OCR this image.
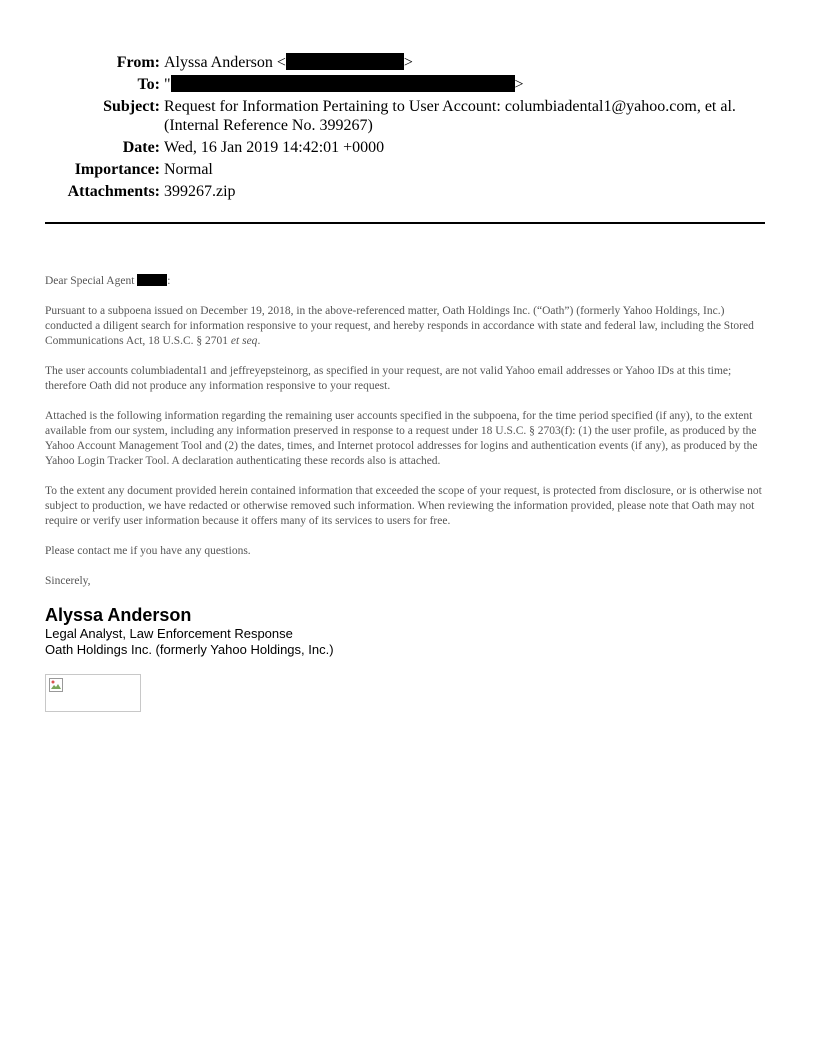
From: Alyssa Anderson <	>
To: "	>
Subject: Request for Information Pertaining to User Account: columbiadental1@yahoo.com, et al.
(Internal Reference No. 399267)
Date: Wed, 16 Jan 2019 14:42:01 +0000
Importance: Normal
Attachments: 399267.zip

Dear Special Agent	:

Pursuant to a subpoena issued on December 19, 2018, in the above-referenced matter, Oath Holdings Inc. (“Oath”) (formerly Yahoo Holdings, Inc.) conducted a diligent search for information responsive to your request, and hereby responds in accordance with state and federal law, including the Stored Communications Act, 18 U.S.C. § 2701 et seq.

The user accounts columbiadental1 and jeffreyepsteinorg, as specified in your request, are not valid Yahoo email addresses or Yahoo IDs at this time; therefore Oath did not produce any information responsive to your request.

Attached is the following information regarding the remaining user accounts specified in the subpoena, for the time period specified (if any), to the extent available from our system, including any information preserved in response to a request under 18 U.S.C. § 2703(f): (1) the user profile, as produced by the Yahoo Account Management Tool and (2) the dates, times, and Internet protocol addresses for logins and authentication events (if any), as produced by the Yahoo Login Tracker Tool. A declaration authenticating these records also is attached.

To the extent any document provided herein contained information that exceeded the scope of your request, is protected from disclosure, or is otherwise not subject to production, we have redacted or otherwise removed such information. When reviewing the information provided, please note that Oath may not require or verify user information because it offers many of its services to users for free.

Please contact me if you have any questions.

Sincerely,

Alyssa Anderson
Legal Analyst, Law Enforcement Response
Oath Holdings Inc. (formerly Yahoo Holdings, Inc.)
